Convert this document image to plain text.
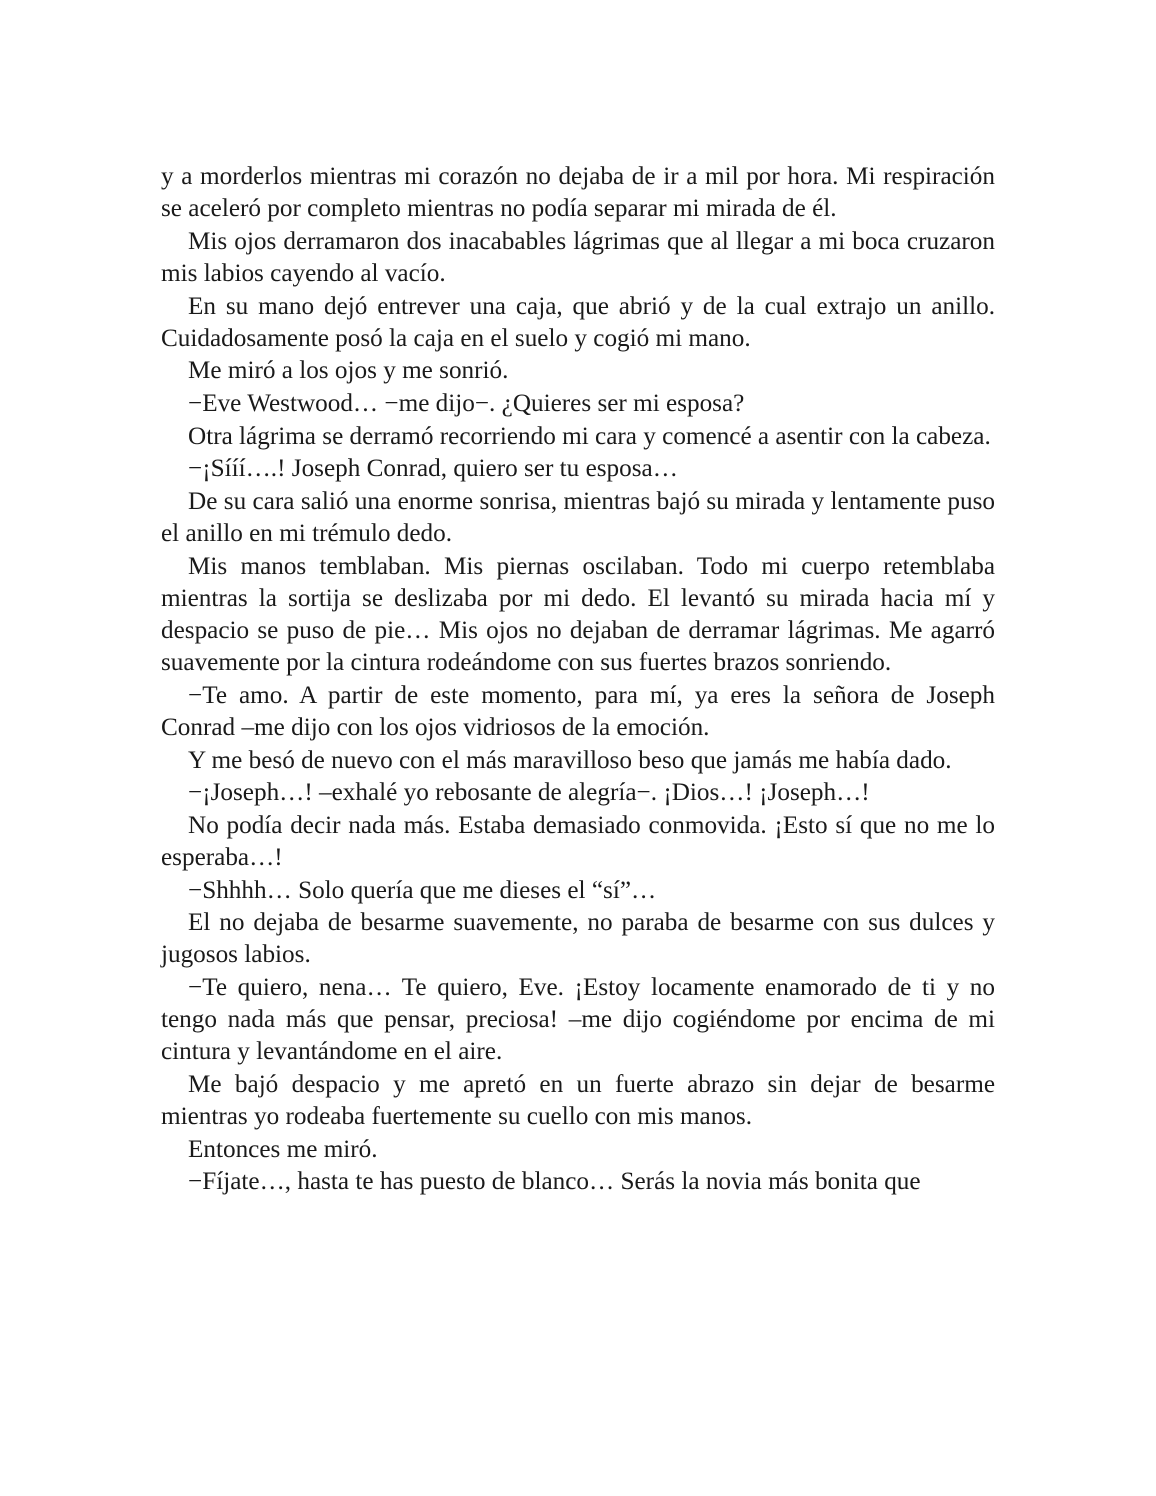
y a morderlos mientras mi corazón no dejaba de ir a mil por hora. Mi respiración se aceleró por completo mientras no podía separar mi mirada de él.

Mis ojos derramaron dos inacabables lágrimas que al llegar a mi boca cruzaron mis labios cayendo al vacío.

En su mano dejó entrever una caja, que abrió y de la cual extrajo un anillo. Cuidadosamente posó la caja en el suelo y cogió mi mano.

Me miró a los ojos y me sonrió.

−Eve Westwood… −me dijo−. ¿Quieres ser mi esposa?

Otra lágrima se derramó recorriendo mi cara y comencé a asentir con la cabeza.

−¡Sííí….! Joseph Conrad, quiero ser tu esposa…

De su cara salió una enorme sonrisa, mientras bajó su mirada y lentamente puso el anillo en mi trémulo dedo.

Mis manos temblaban. Mis piernas oscilaban. Todo mi cuerpo retemblaba mientras la sortija se deslizaba por mi dedo. El levantó su mirada hacia mí y despacio se puso de pie… Mis ojos no dejaban de derramar lágrimas. Me agarró suavemente por la cintura rodeándome con sus fuertes brazos sonriendo.

−Te amo. A partir de este momento, para mí, ya eres la señora de Joseph Conrad –me dijo con los ojos vidriosos de la emoción.

Y me besó de nuevo con el más maravilloso beso que jamás me había dado.

−¡Joseph…! –exhalé yo rebosante de alegría−. ¡Dios…! ¡Joseph…!

No podía decir nada más. Estaba demasiado conmovida. ¡Esto sí que no me lo esperaba…!

−Shhhh… Solo quería que me dieses el “sí”…

El no dejaba de besarme suavemente, no paraba de besarme con sus dulces y jugosos labios.

−Te quiero, nena… Te quiero, Eve. ¡Estoy locamente enamorado de ti y no tengo nada más que pensar, preciosa! –me dijo cogiéndome por encima de mi cintura y levantándome en el aire.

Me bajó despacio y me apretó en un fuerte abrazo sin dejar de besarme mientras yo rodeaba fuertemente su cuello con mis manos.

Entonces me miró.

−Fíjate…, hasta te has puesto de blanco… Serás la novia más bonita que
